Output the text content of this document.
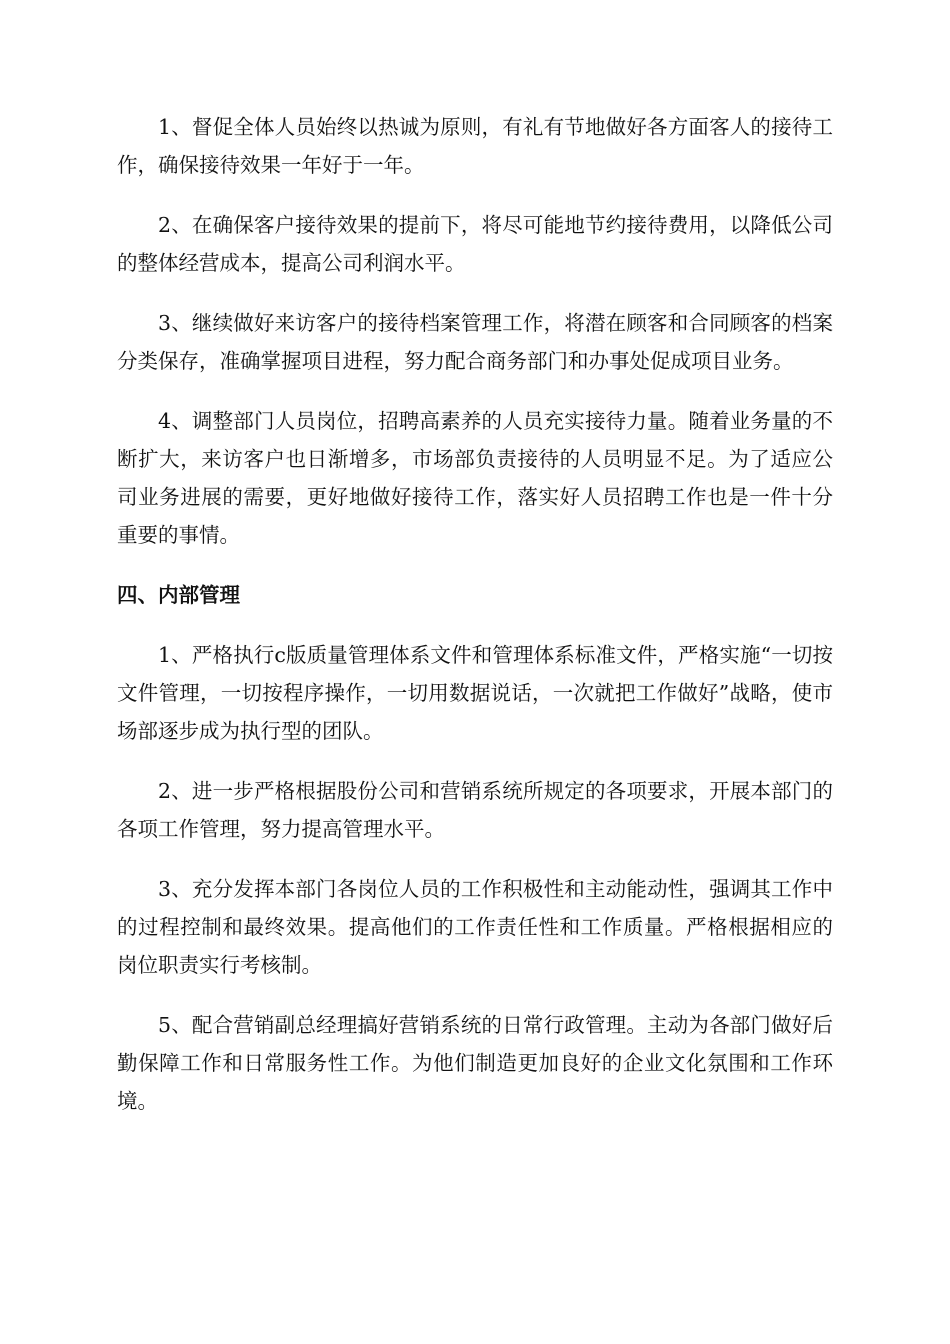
1、督促全体人员始终以热诚为原则，有礼有节地做好各方面客人的接待工作，确保接待效果一年好于一年。

2、在确保客户接待效果的提前下，将尽可能地节约接待费用，以降低公司的整体经营成本，提高公司利润水平。

3、继续做好来访客户的接待档案管理工作，将潜在顾客和合同顾客的档案分类保存，准确掌握项目进程，努力配合商务部门和办事处促成项目业务。

4、调整部门人员岗位，招聘高素养的人员充实接待力量。随着业务量的不断扩大，来访客户也日渐增多，市场部负责接待的人员明显不足。为了适应公司业务进展的需要，更好地做好接待工作，落实好人员招聘工作也是一件十分重要的事情。

四、内部管理

1、严格执行c版质量管理体系文件和管理体系标准文件，严格实施“一切按文件管理，一切按程序操作，一切用数据说话，一次就把工作做好”战略，使市场部逐步成为执行型的团队。

2、进一步严格根据股份公司和营销系统所规定的各项要求，开展本部门的各项工作管理，努力提高管理水平。

3、充分发挥本部门各岗位人员的工作积极性和主动能动性，强调其工作中的过程控制和最终效果。提高他们的工作责任性和工作质量。严格根据相应的岗位职责实行考核制。

5、配合营销副总经理搞好营销系统的日常行政管理。主动为各部门做好后勤保障工作和日常服务性工作。为他们制造更加良好的企业文化氛围和工作环境。
